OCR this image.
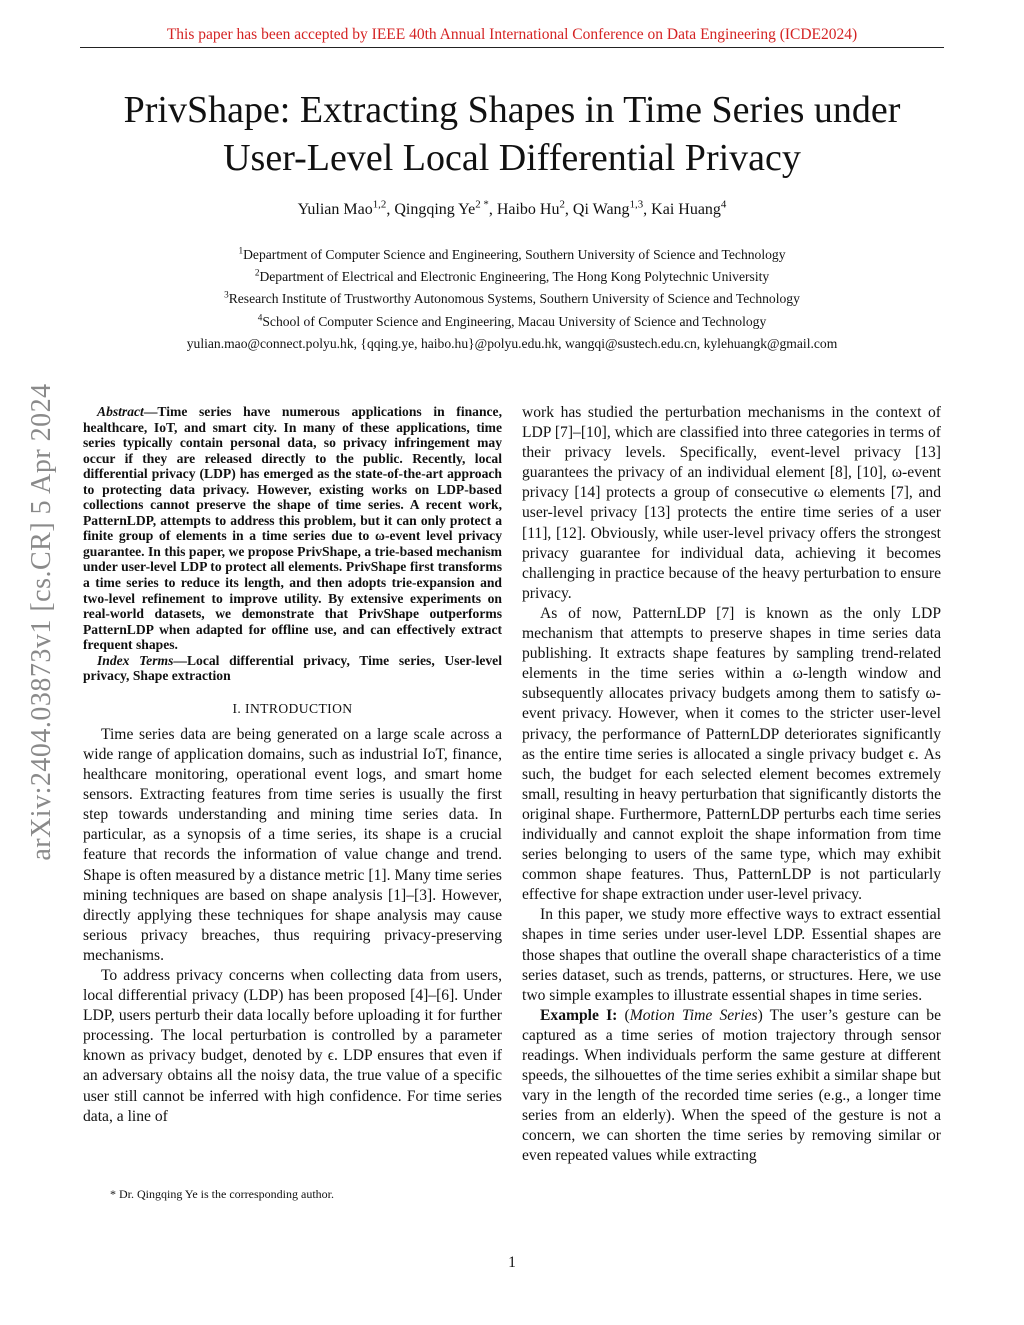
This paper has been accepted by IEEE 40th Annual International Conference on Data Engineering (ICDE2024)
PrivShape: Extracting Shapes in Time Series under
User-Level Local Differential Privacy
Yulian Mao$^{1,2}$, Qingqing $Ye^{2 *}$, Haibo Hu$^2$, Qi Wang$^{1,3}$, Kai Huang$^4$
$^1$Department of Computer Science and Engineering, Southern University of Science and Technology
$^2$Department of Electrical and Electronic Engineering, The Hong Kong Polytechnic University
$^3$Research Institute of Trustworthy Autonomous Systems, Southern University of Science and Technology
$^4$School of Computer Science and Engineering, Macau University of Science and Technology
yulian.mao@connect.polyu.hk, {qqing.ye, haibo.hu}@polyu.edu.hk, wangqi@sustech.edu.cn, kylehuangk@gmail.com
arXiv:2404.03873v1 [cs.CR] 5 Apr 2024	Abstract—Time series have numerous applications in finance, healthcare, IoT, and smart city. In many of these applications, time series typically contain personal data, so privacy infringement may occur if they are released directly to the public. Recently, local differential privacy (LDP) has emerged as the state-of-the-art approach to protecting data privacy. However, existing works on LDP-based collections cannot preserve the shape of time series. A recent work, PatternLDP, attempts to address this problem, but it can only protect a finite group of elements in a time series due to ω-event level privacy guarantee. In this paper, we propose PrivShape, a trie-based mechanism under user-level LDP to protect all elements. PrivShape first transforms a time series to reduce its length, and then adopts trie-expansion and two-level refinement to improve utility. By extensive experiments on real-world datasets, we demonstrate that PrivShape outperforms PatternLDP when adapted for offline use, and can effectively extract frequent shapes.

Index Terms—Local differential privacy, Time series, User-level privacy, Shape extraction

I. INTRODUCTION

Time series data are being generated on a large scale across a wide range of application domains, such as industrial IoT, finance, healthcare monitoring, operational event logs, and smart home sensors. Extracting features from time series is usually the first step towards understanding and mining time series data. In particular, as a synopsis of a time series, its shape is a crucial feature that records the information of value change and trend. Shape is often measured by a distance metric [1]. Many time series mining techniques are based on shape analysis [1]–[3]. However, directly applying these techniques for shape analysis may cause serious privacy breaches, thus requiring privacy-preserving mechanisms.

To address privacy concerns when collecting data from users, local differential privacy (LDP) has been proposed [4]–[6]. Under LDP, users perturb their data locally before uploading it for further processing. The local perturbation is controlled by a parameter known as privacy budget, denoted by ϵ. LDP ensures that even if an adversary obtains all the noisy data, the true value of a specific user still cannot be inferred with high confidence. For time series data, a line of

work has studied the perturbation mechanisms in the context of LDP [7]–[10], which are classified into three categories in terms of their privacy levels. Specifically, event-level privacy [13] guarantees the privacy of an individual element [8], [10], ω-event privacy [14] protects a group of consecutive ω elements [7], and user-level privacy [13] protects the entire time series of a user [11], [12]. Obviously, while user-level privacy offers the strongest privacy guarantee for individual data, achieving it becomes challenging in practice because of the heavy perturbation to ensure privacy.

As of now, PatternLDP [7] is known as the only LDP mechanism that attempts to preserve shapes in time series data publishing. It extracts shape features by sampling trend-related elements in the time series within a ω-length window and subsequently allocates privacy budgets among them to satisfy ω-event privacy. However, when it comes to the stricter user-level privacy, the performance of PatternLDP deteriorates significantly as the entire time series is allocated a single privacy budget ϵ. As such, the budget for each selected element becomes extremely small, resulting in heavy perturbation that significantly distorts the original shape. Furthermore, PatternLDP perturbs each time series individually and cannot exploit the shape information from time series belonging to users of the same type, which may exhibit common shape features. Thus, PatternLDP is not particularly effective for shape extraction under user-level privacy.

In this paper, we study more effective ways to extract essential shapes in time series under user-level LDP. Essential shapes are those shapes that outline the overall shape characteristics of a time series dataset, such as trends, patterns, or structures. Here, we use two simple examples to illustrate essential shapes in time series.

Example I: (Motion Time Series) The user’s gesture can be captured as a time series of motion trajectory through sensor readings. When individuals perform the same gesture at different speeds, the silhouettes of the time series exhibit a similar shape but vary in the length of the recorded time series (e.g., a longer time series from an elderly). When the speed of the gesture is not a concern, we can shorten the time series by removing similar or even repeated values while extracting

* Dr. Qingqing Ye is the corresponding author.
1
